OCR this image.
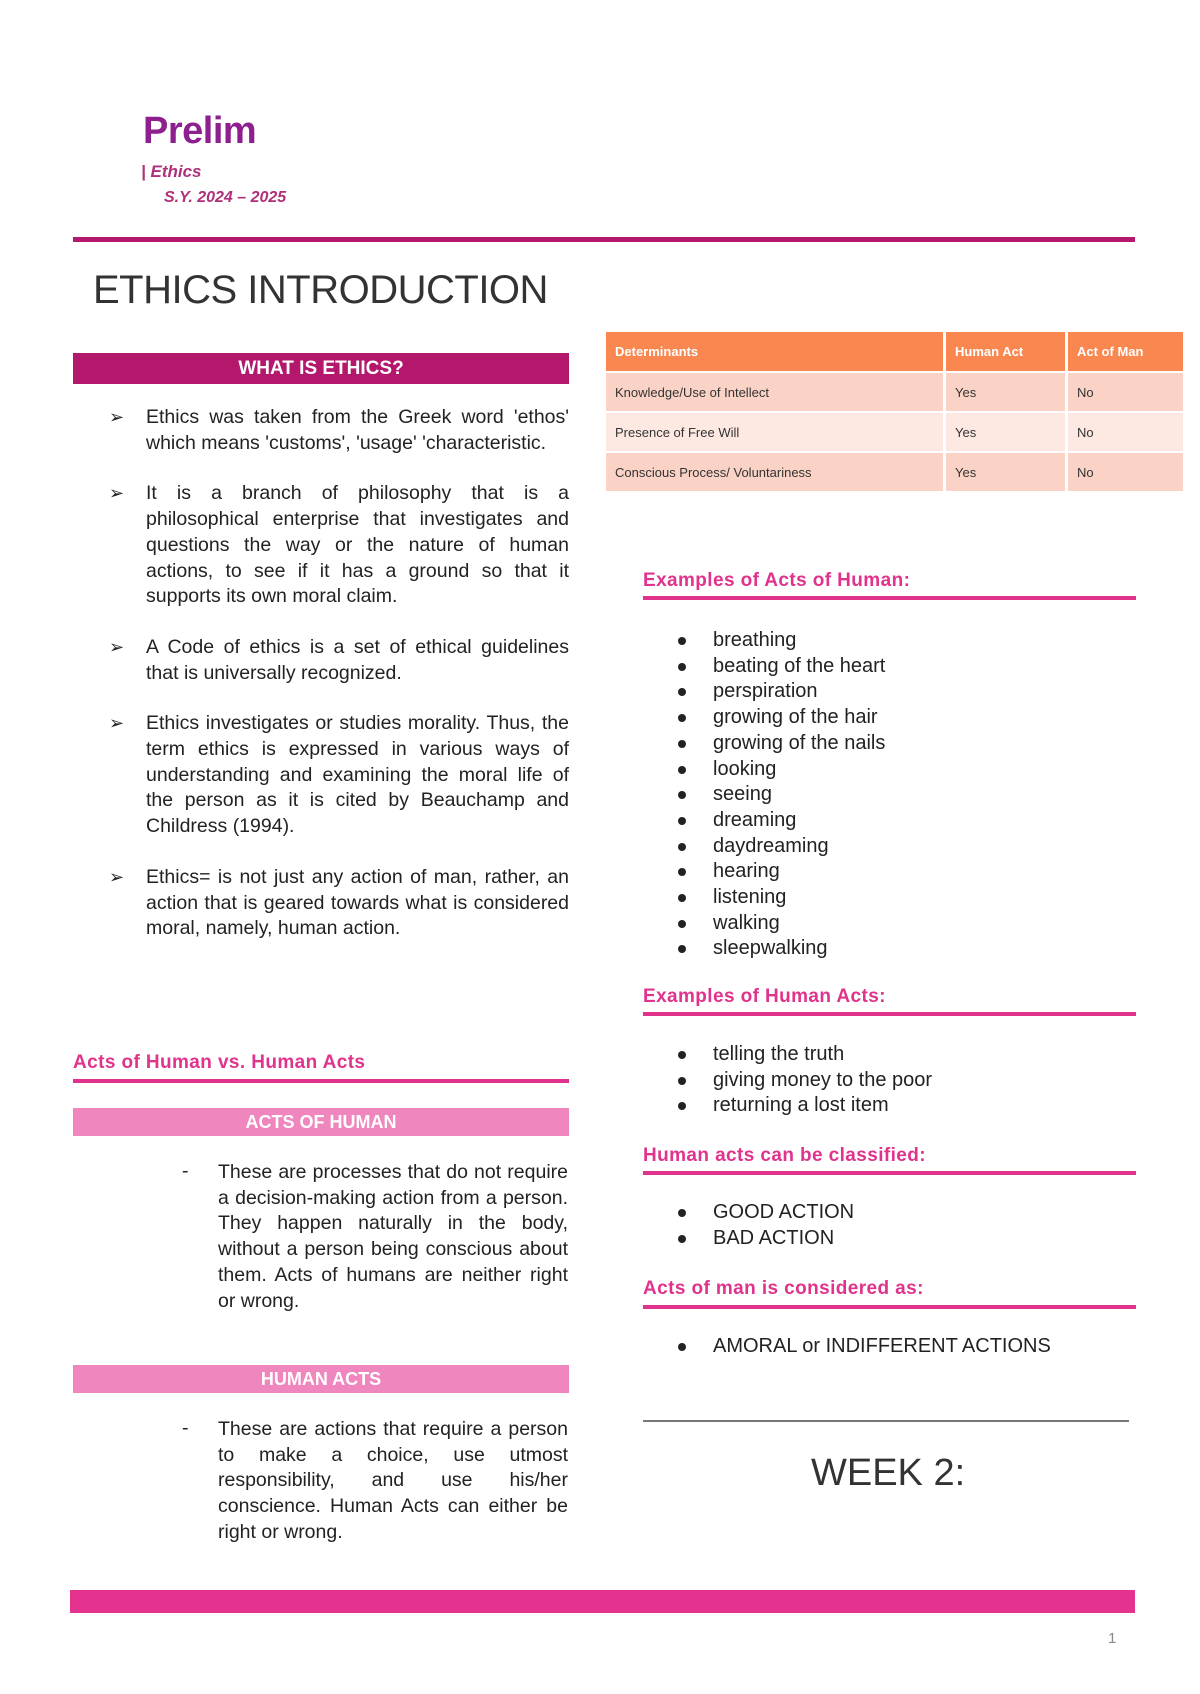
Prelim
| Ethics
S.Y. 2024 – 2025
ETHICS INTRODUCTION
WHAT IS ETHICS?
➢ Ethics was taken from the Greek word 'ethos' which means 'customs', 'usage' 'characteristic.
➢ It is a branch of philosophy that is a philosophical enterprise that investigates and questions the way or the nature of human actions, to see if it has a ground so that it supports its own moral claim.
➢ A Code of ethics is a set of ethical guidelines that is universally recognized.
➢ Ethics investigates or studies morality. Thus, the term ethics is expressed in various ways of understanding and examining the moral life of the person as it is cited by Beauchamp and Childress (1994).
➢ Ethics= is not just any action of man, rather, an action that is geared towards what is considered moral, namely, human action.
Acts of Human vs. Human Acts
ACTS OF HUMAN
- These are processes that do not require a decision-making action from a person. They happen naturally in the body, without a person being conscious about them. Acts of humans are neither right or wrong.
HUMAN ACTS
- These are actions that require a person to make a choice, use utmost responsibility, and use his/her conscience. Human Acts can either be right or wrong.
Determinants	Human Act	Act of Man
Knowledge/Use of Intellect	Yes	No
Presence of Free Will	Yes	No
Conscious Process/ Voluntariness	Yes	No
Examples of Acts of Human:
breathing
beating of the heart
perspiration
growing of the hair
growing of the nails
looking
seeing
dreaming
daydreaming
hearing
listening
walking
sleepwalking
Examples of Human Acts:
telling the truth
giving money to the poor
returning a lost item
Human acts can be classified:
GOOD ACTION
BAD ACTION
Acts of man is considered as:
AMORAL or INDIFFERENT ACTIONS
WEEK 2:
1
